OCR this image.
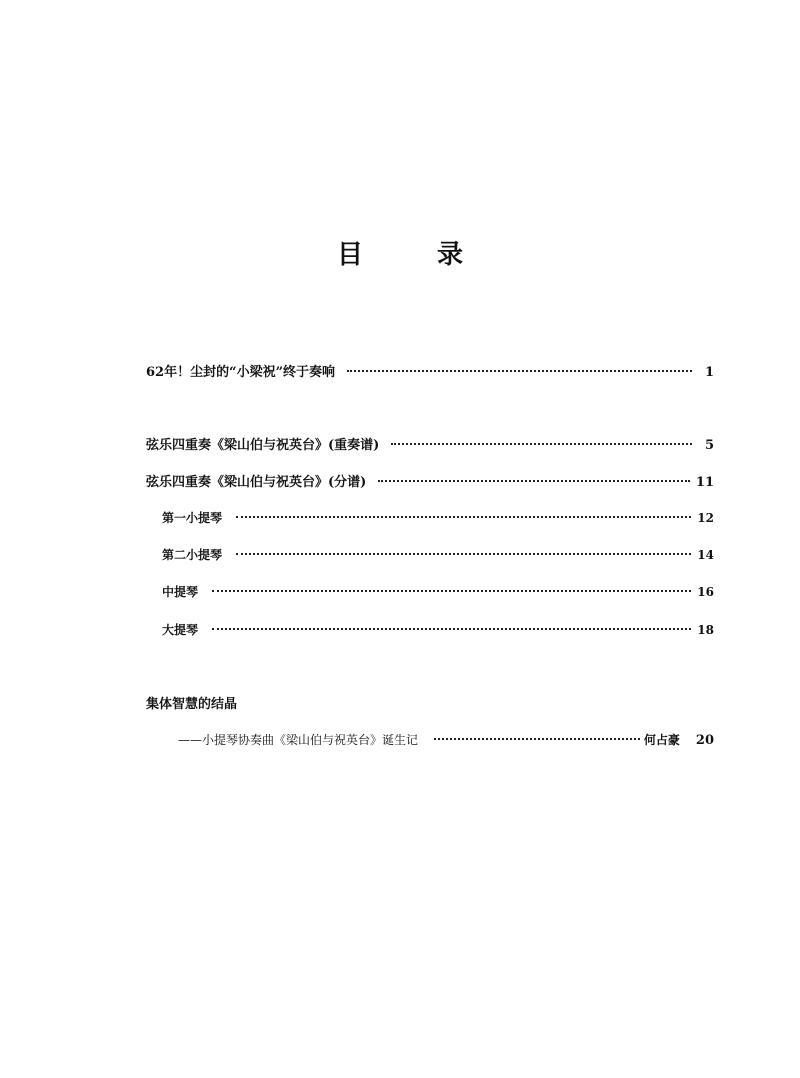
目　录
62年！尘封的“小梁祝”终于奏响	1
弦乐四重奏《梁山伯与祝英台》(重奏谱)	5
弦乐四重奏《梁山伯与祝英台》(分谱)	11
第一小提琴	12
第二小提琴	14
中提琴	16
大提琴	18
集体智慧的结晶
——小提琴协奏曲《梁山伯与祝英台》诞生记	何占豪 20
